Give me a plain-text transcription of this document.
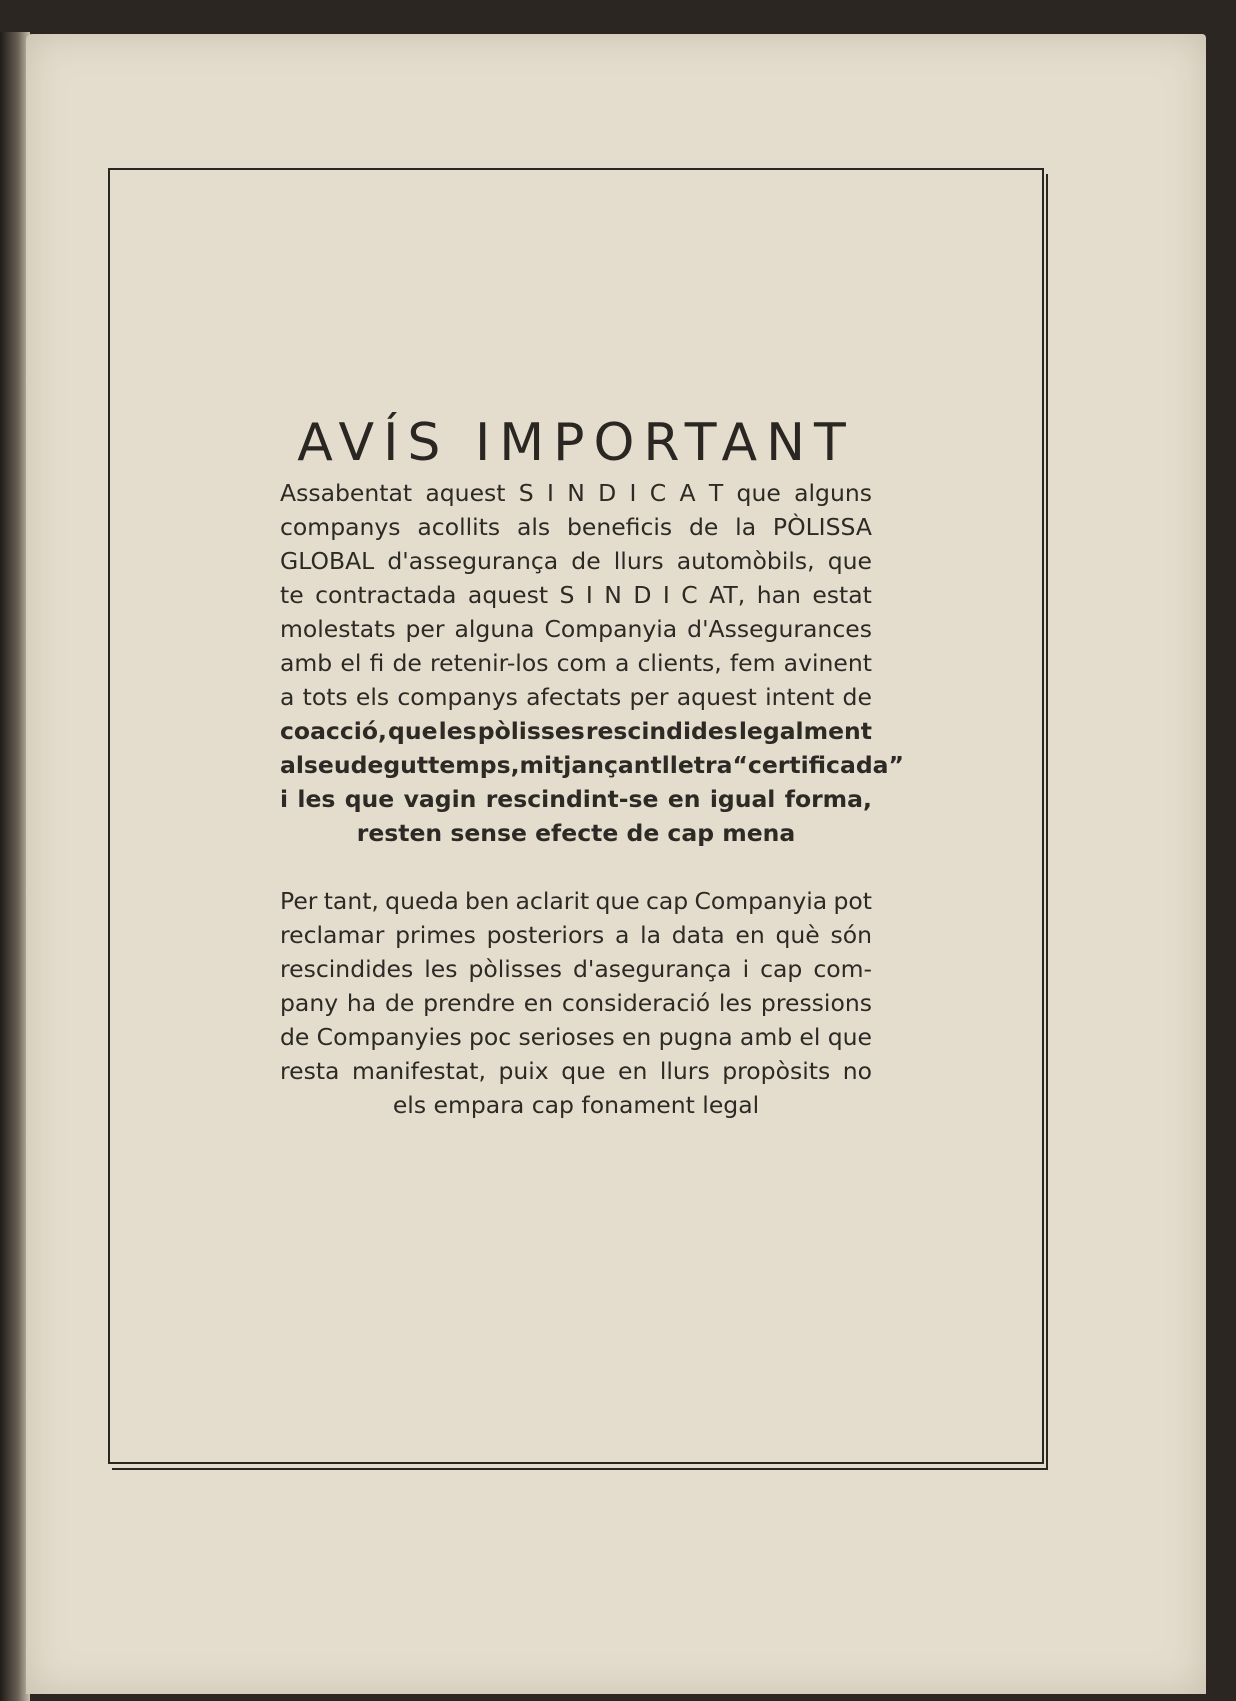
AVÍS IMPORTANT
Assabentat aquest S I N D I C A T que alguns
companys acollits als beneficis de la PÒLISSA
GLOBAL d'assegurança de llurs automòbils, que
te contractada aquest S I N D I C AT, han estat
molestats per alguna Companyia d'Assegurances
amb el fi de retenir-los com a clients, fem avinent
a tots els companys afectats per aquest intent de
coacció, que les pòlisses rescindides legalment
al seu degut temps, mitjançant lletra “certificada”
i les que vagin rescindint-se en igual forma,
resten sense efecte de cap mena
Per tant, queda ben aclarit que cap Companyia pot
reclamar primes posteriors a la data en què són
rescindides les pòlisses d'asegurança i cap com-
pany ha de prendre en consideració les pressions
de Companyies poc serioses en pugna amb el que
resta manifestat, puix que en llurs propòsits no
els empara cap fonament legal
